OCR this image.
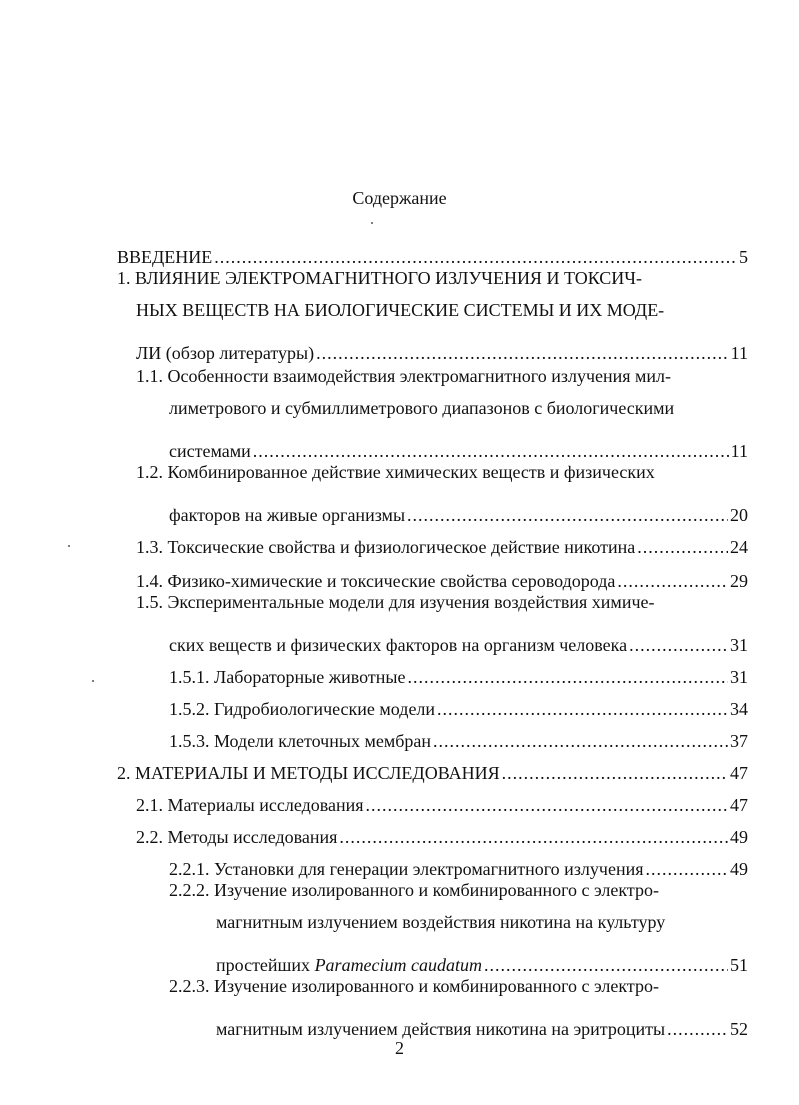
Содержание
ВВЕДЕНИЕ .....	5
1. ВЛИЯНИЕ ЭЛЕКТРОМАГНИТНОГО ИЗЛУЧЕНИЯ И ТОКСИЧ-
НЫХ ВЕЩЕСТВ НА БИОЛОГИЧЕСКИЕ СИСТЕМЫ И ИХ МОДЕ-
ЛИ (обзор литературы) .....	11
1.1. Особенности взаимодействия электромагнитного излучения мил-
лиметрового и субмиллиметрового диапазонов с биологическими
системами .....	11
1.2. Комбинированное действие химических веществ и физических
факторов на живые организмы .....	20
1.3. Токсические свойства и физиологическое действие никотина .....	24
1.4. Физико-химические и токсические свойства сероводорода .....	29
1.5. Экспериментальные модели для изучения воздействия химиче-
ских веществ и физических факторов на организм человека .....	31
1.5.1. Лабораторные животные .....	31
1.5.2. Гидробиологические модели .....	34
1.5.3. Модели клеточных мембран .....	37
2. МАТЕРИАЛЫ И МЕТОДЫ ИССЛЕДОВАНИЯ .....	47
2.1. Материалы исследования .....	47
2.2. Методы исследования .....	49
2.2.1. Установки для генерации электромагнитного излучения .....	49
2.2.2. Изучение изолированного и комбинированного с электро-
магнитным излучением воздействия никотина на культуру
простейших Paramecium caudatum .....	51
2.2.3. Изучение изолированного и комбинированного с электро-
магнитным излучением действия никотина на эритроциты .....	52
2
